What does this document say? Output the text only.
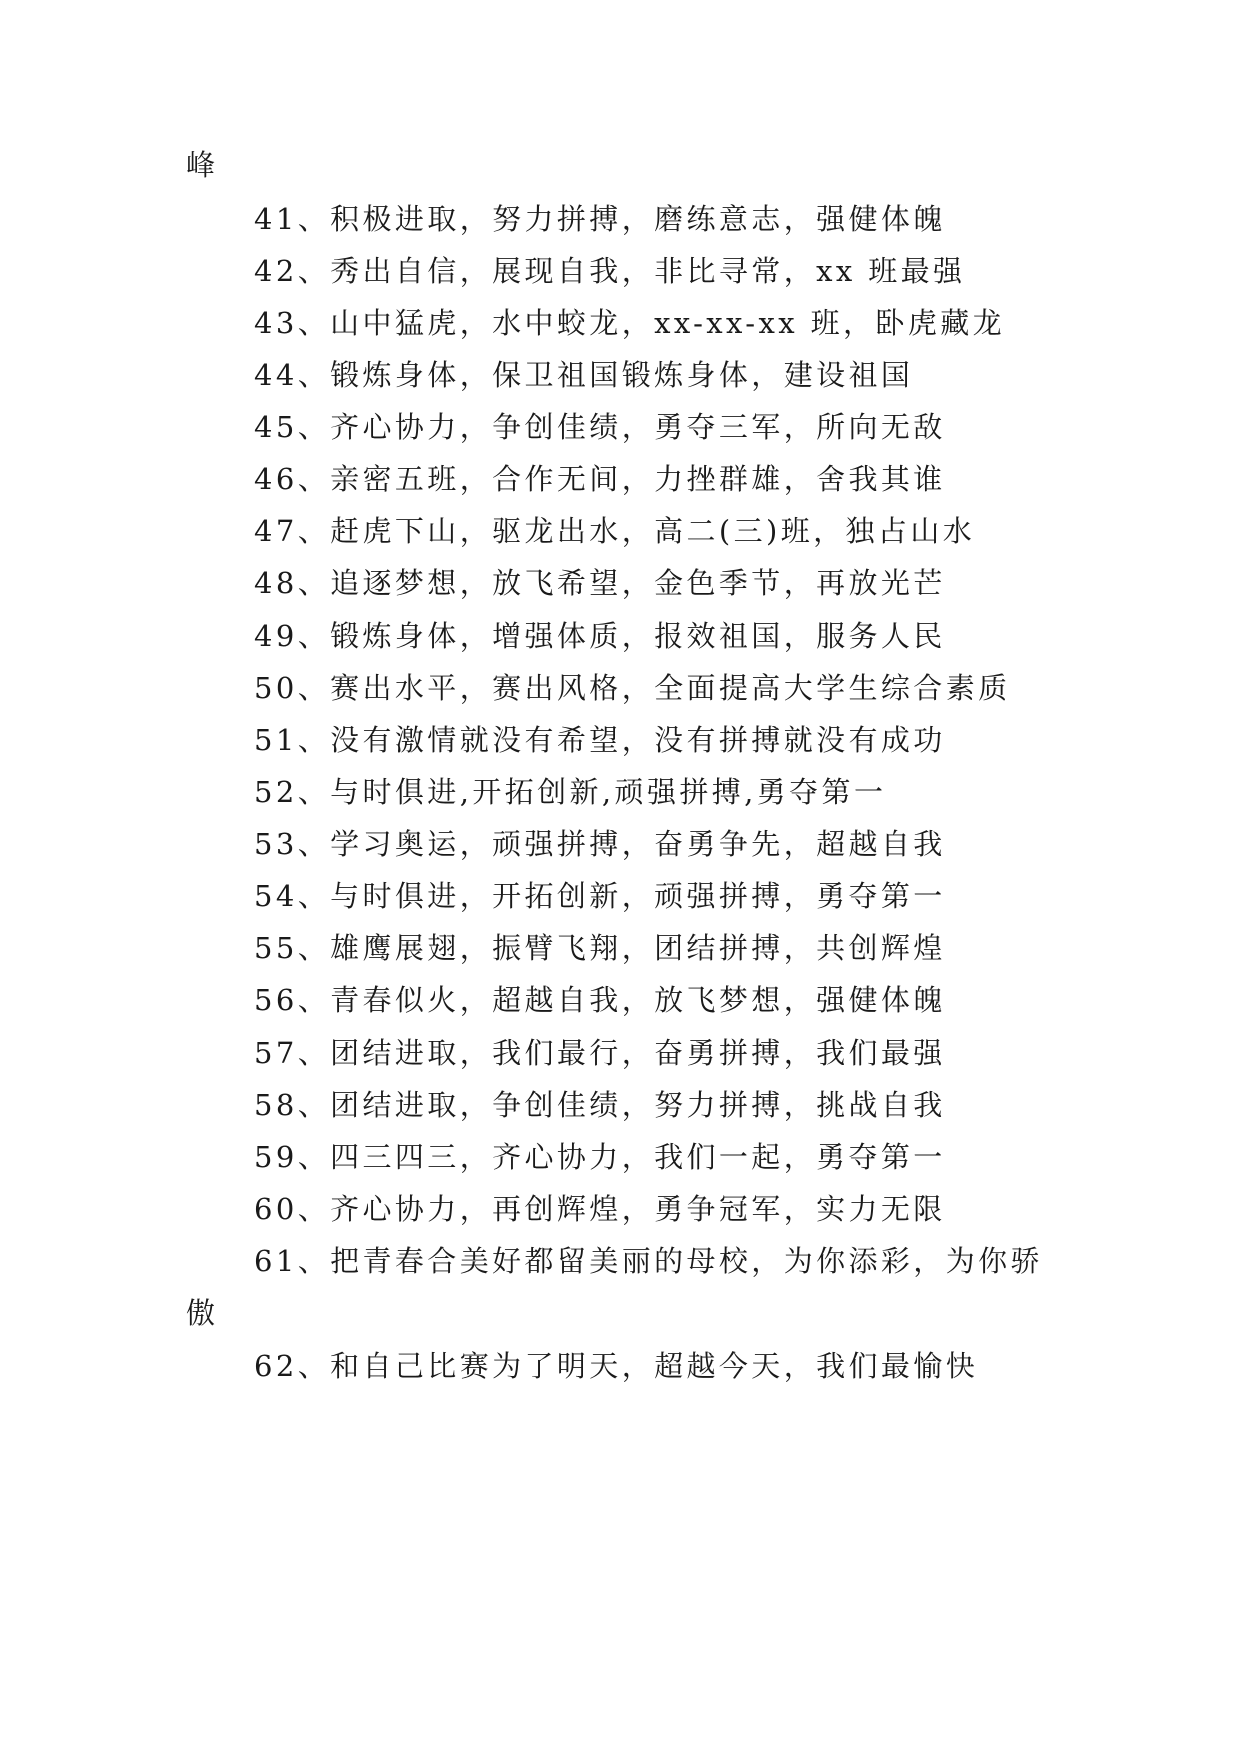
峰
41、积极进取，努力拼搏，磨练意志，强健体魄
42、秀出自信，展现自我，非比寻常，xx 班最强
43、山中猛虎，水中蛟龙，xx-xx-xx 班，卧虎藏龙
44、锻炼身体，保卫祖国锻炼身体，建设祖国
45、齐心协力，争创佳绩，勇夺三军，所向无敌
46、亲密五班，合作无间，力挫群雄，舍我其谁
47、赶虎下山，驱龙出水，高二(三)班，独占山水
48、追逐梦想，放飞希望，金色季节，再放光芒
49、锻炼身体，增强体质，报效祖国，服务人民
50、赛出水平，赛出风格，全面提高大学生综合素质
51、没有激情就没有希望，没有拼搏就没有成功
52、与时俱进,开拓创新,顽强拼搏,勇夺第一
53、学习奥运，顽强拼搏，奋勇争先，超越自我
54、与时俱进，开拓创新，顽强拼搏，勇夺第一
55、雄鹰展翅，振臂飞翔，团结拼搏，共创辉煌
56、青春似火，超越自我，放飞梦想，强健体魄
57、团结进取，我们最行，奋勇拼搏，我们最强
58、团结进取，争创佳绩，努力拼搏，挑战自我
59、四三四三，齐心协力，我们一起，勇夺第一
60、齐心协力，再创辉煌，勇争冠军，实力无限
61、把青春合美好都留美丽的母校，为你添彩，为你骄
傲
62、和自己比赛为了明天，超越今天，我们最愉快
